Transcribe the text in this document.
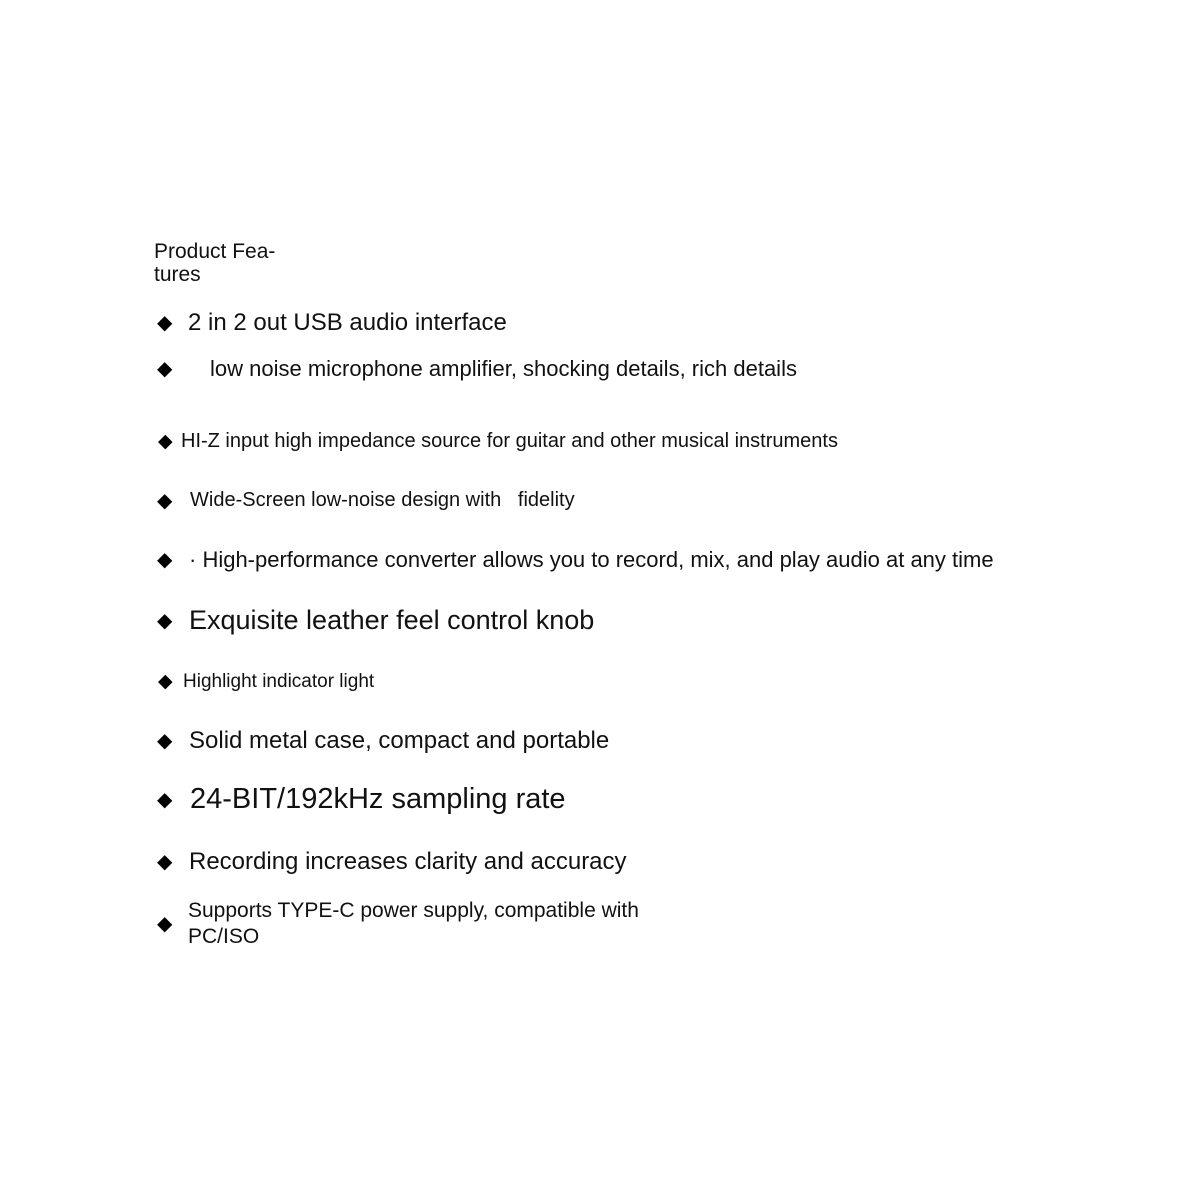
Product Fea-
tures
◆ 2 in 2 out USB audio interface
◆ low noise microphone amplifier, shocking details, rich details
◆ HI-Z input high impedance source for guitar and other musical instruments
◆ Wide-Screen low-noise design with   fidelity
◆ · High-performance converter allows you to record, mix, and play audio at any time
◆ Exquisite leather feel control knob
◆ Highlight indicator light
◆ Solid metal case, compact and portable
◆ 24-BIT/192kHz sampling rate
◆ Recording increases clarity and accuracy
◆
Supports TYPE-C power supply, compatible with PC/ISO
